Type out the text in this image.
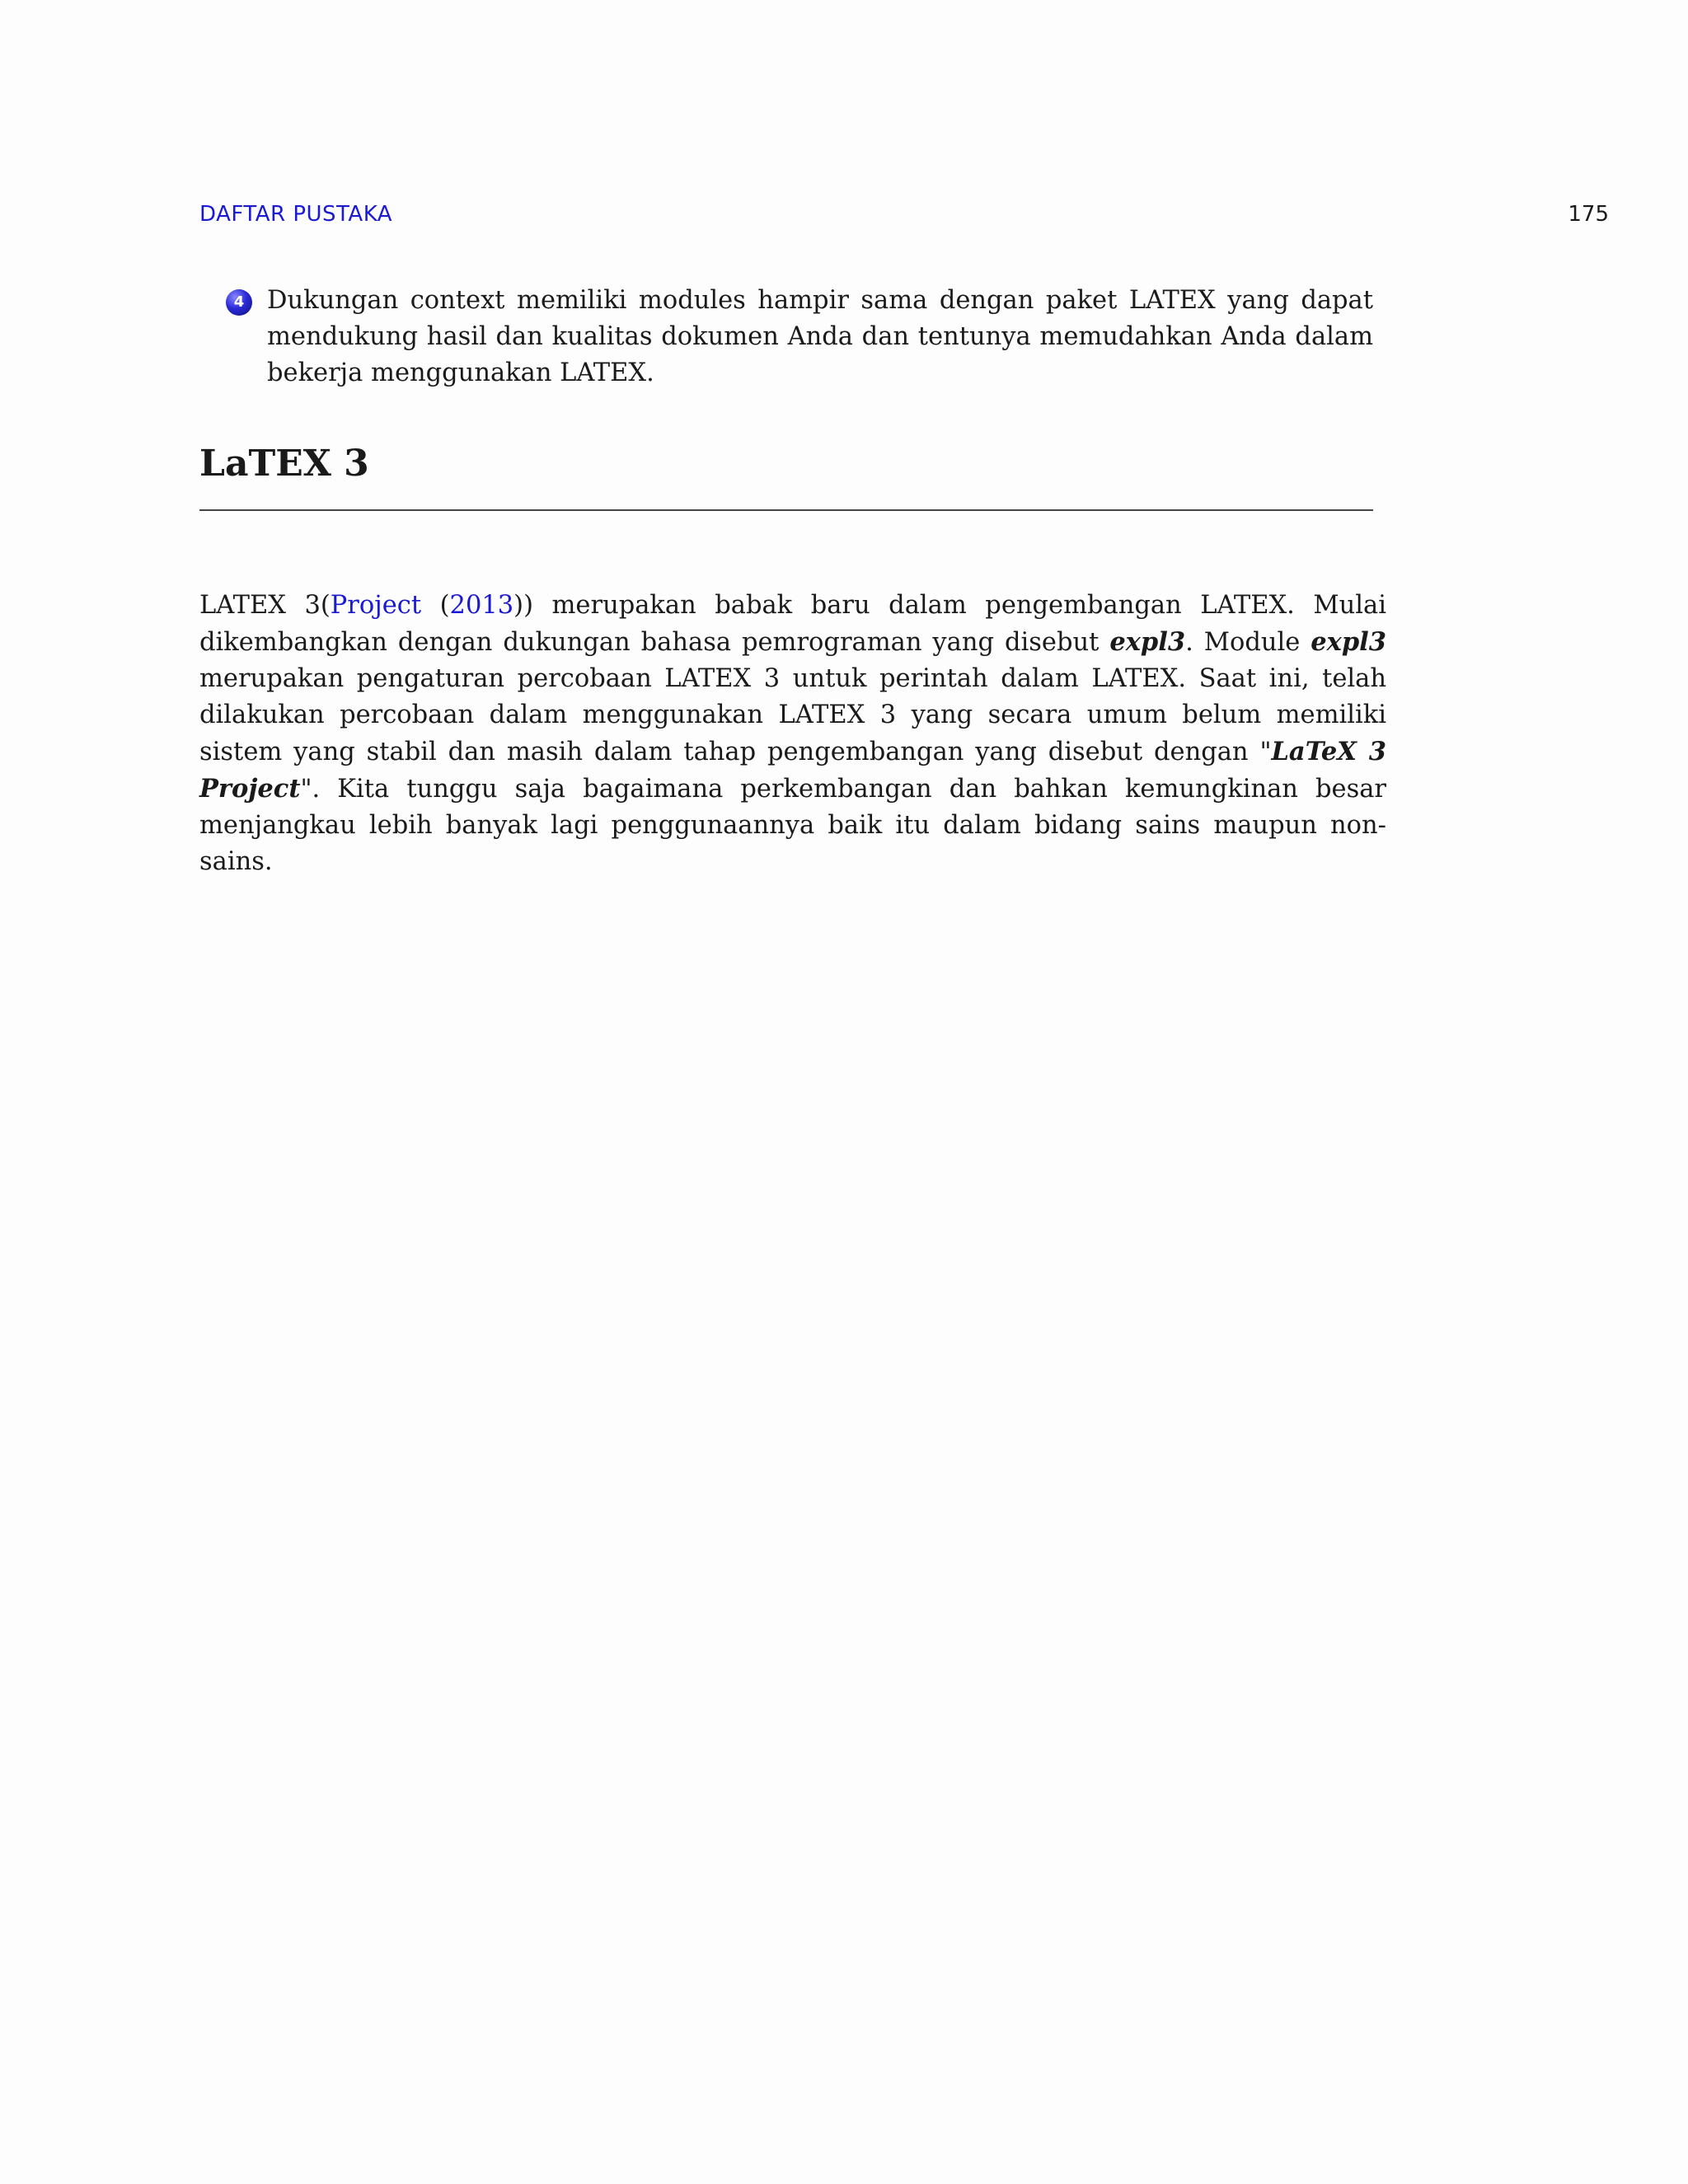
DAFTAR PUSTAKA	175
4 Dukungan context memiliki modules hampir sama dengan paket LATEX yang dapat mendukung hasil dan kualitas dokumen Anda dan tentunya memudahkan Anda dalam bekerja menggunakan LATEX.
LaTEX 3

LATEX 3(Project (2013)) merupakan babak baru dalam pengembangan LATEX. Mulai dikembangkan dengan dukungan bahasa pemrograman yang disebut expl3. Module expl3 merupakan pengaturan percobaan LATEX 3 untuk perintah dalam LATEX. Saat ini, telah dilakukan percobaan dalam menggunakan LATEX 3 yang secara umum belum memiliki sistem yang stabil dan masih dalam tahap pengembangan yang disebut dengan "LaTeX 3 Project". Kita tunggu saja bagaimana perkembangan dan bahkan kemungkinan besar menjangkau lebih banyak lagi penggunaannya baik itu dalam bidang sains maupun non-sains.
